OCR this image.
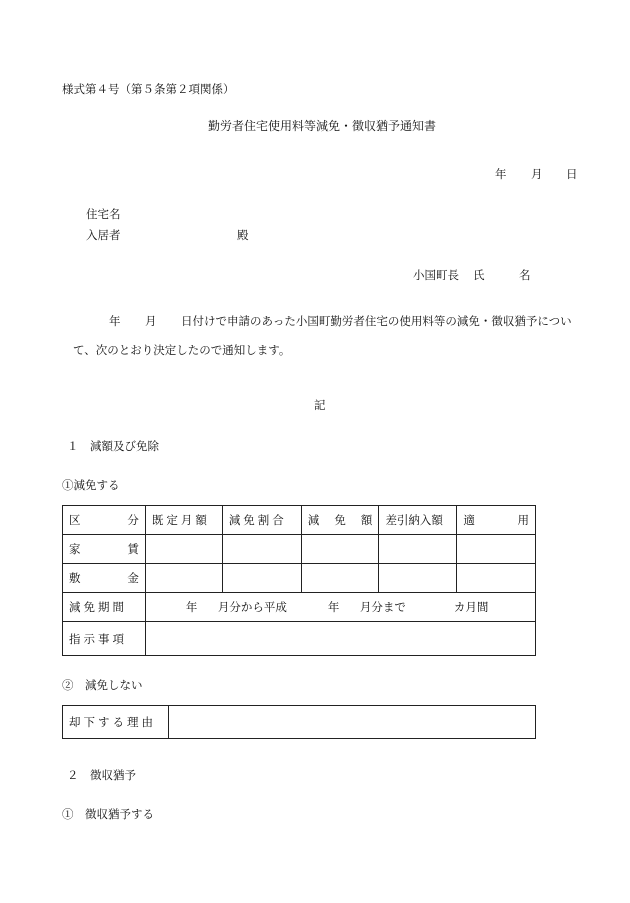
様式第４号（第５条第２項関係）
勤労者住宅使用料等減免・徴収猶予通知書
年 月 日
住宅名
入居者	殿
小国町長 氏	名
年 月 日付けで申請のあった小国町勤労者住宅の使用料等の減免・徴収猶予につい
て、次のとおり決定したので通知します。
記
１　減額及び免除
①減免する
区 分	既定月額	減免割合	減 免 額	差引納入額	適 用

家 賃					

敷 金					

減免期間	年 月分から平成 年 月分まで カ月間				

指示事項					
②　減免しない
却下する理由	
２　徴収猶予
①　徴収猶予する
